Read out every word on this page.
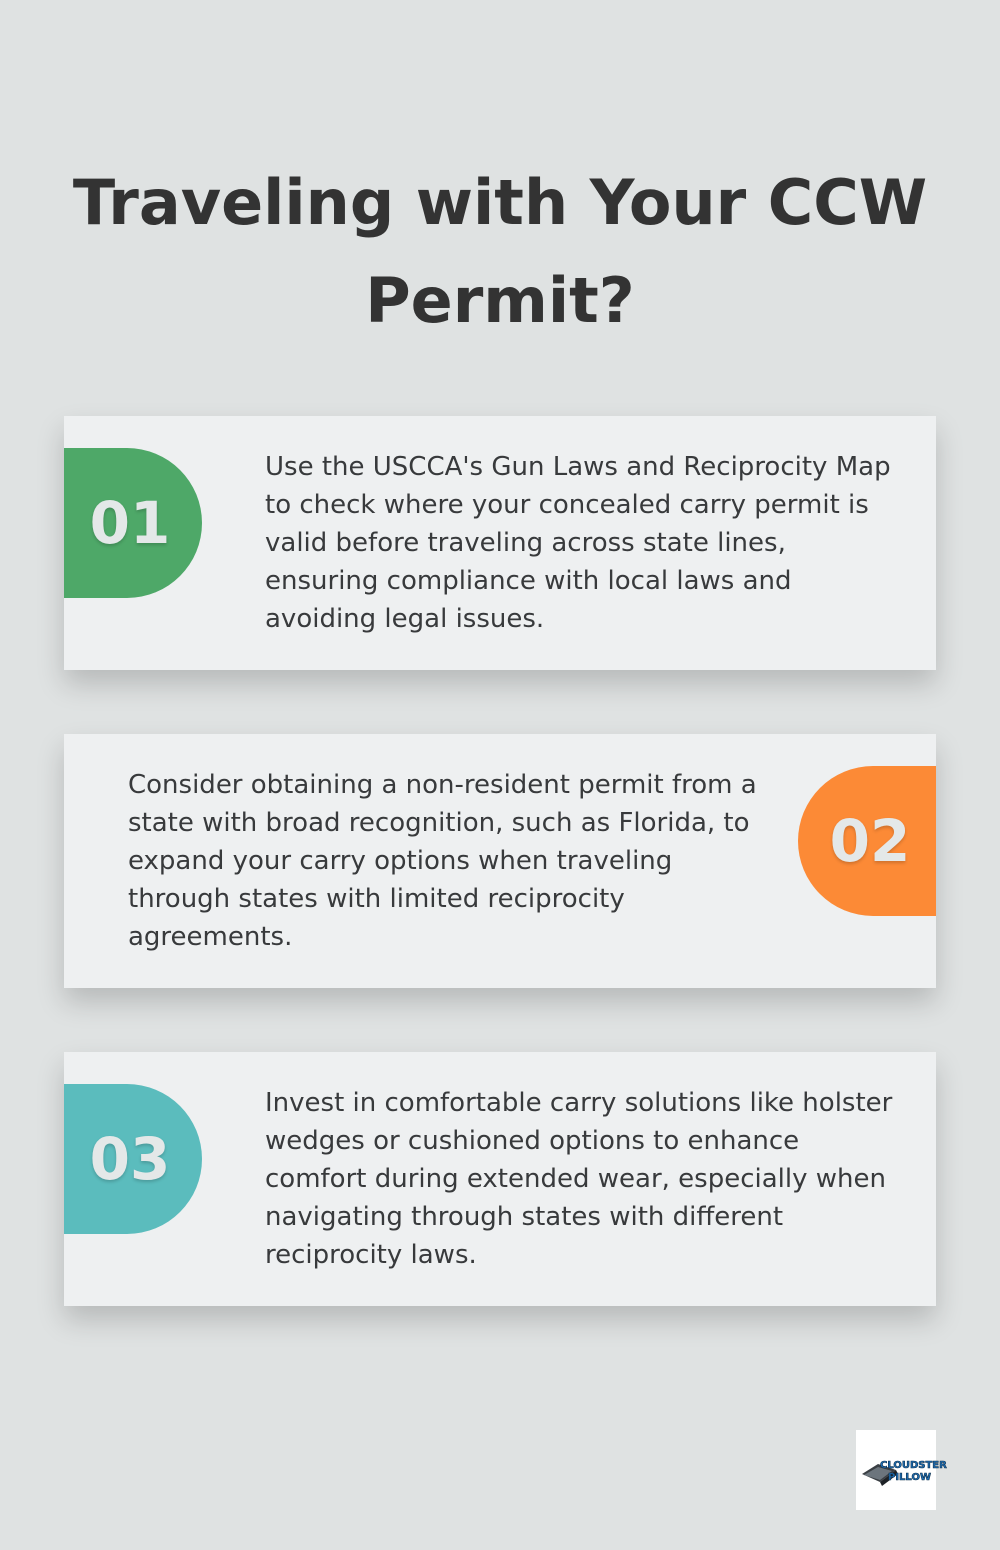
Traveling with Your CCW Permit?
01
Use the USCCA's Gun Laws and Reciprocity Map to check where your concealed carry permit is valid before traveling across state lines, ensuring compliance with local laws and avoiding legal issues.
Consider obtaining a non-resident permit from a state with broad recognition, such as Florida, to expand your carry options when traveling through states with limited reciprocity agreements.
02
03
Invest in comfortable carry solutions like holster wedges or cushioned options to enhance comfort during extended wear, especially when navigating through states with different reciprocity laws.
CLOUDSTER
PILLOW
